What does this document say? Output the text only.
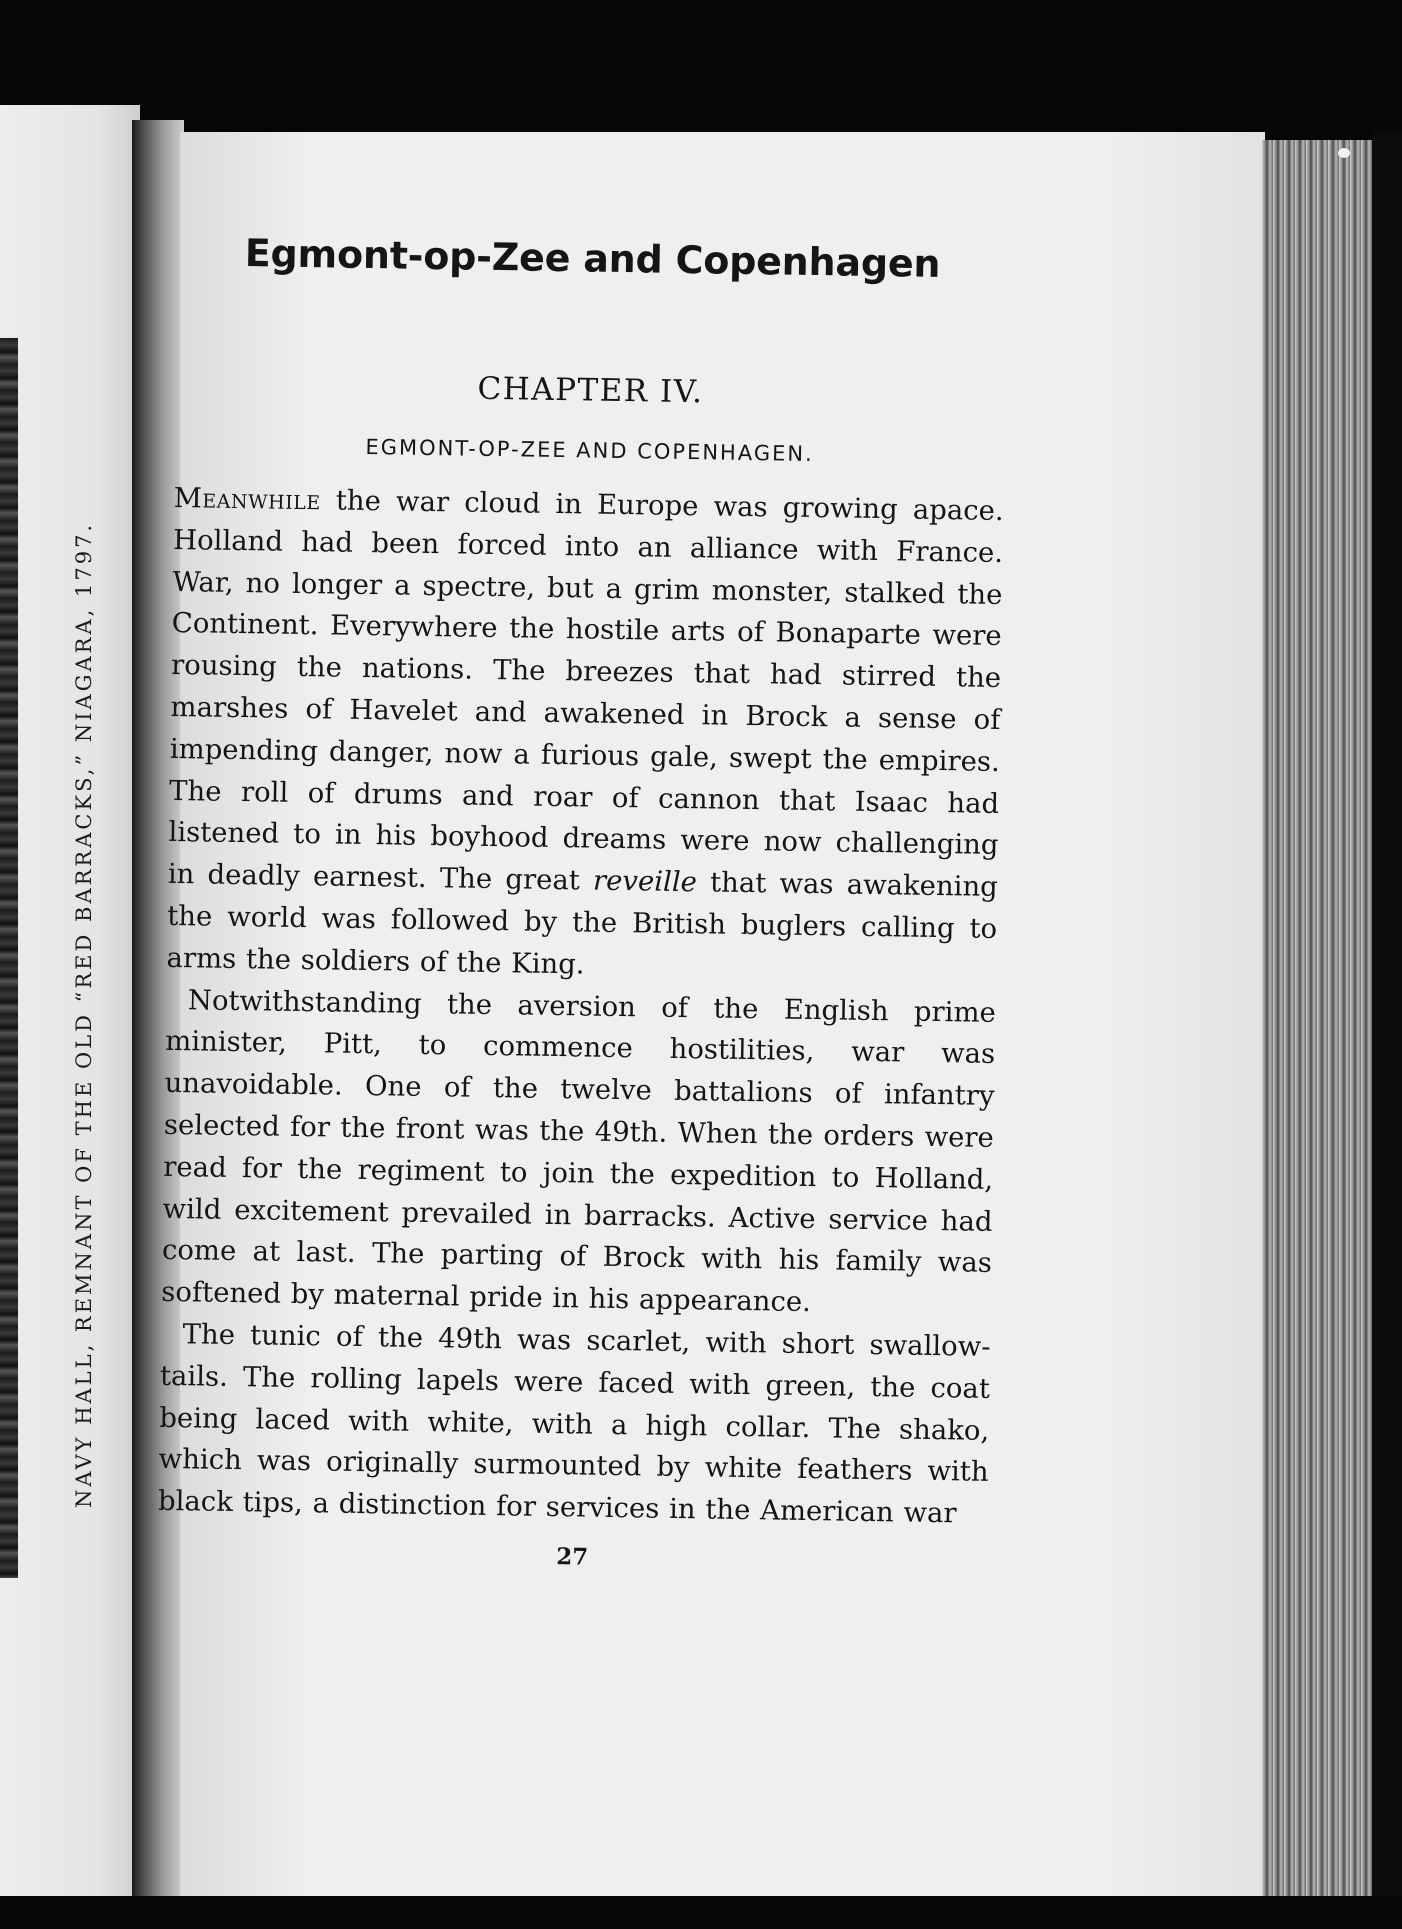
NAVY HALL, REMNANT OF THE OLD “RED BARRACKS,” NIAGARA, 1797.
Egmont-op-Zee and Copenhagen
CHAPTER IV.
EGMONT-OP-ZEE AND COPENHAGEN.

Meanwhile the war cloud in Europe was growing apace. Holland had been forced into an alliance with France. War, no longer a spectre, but a grim monster, stalked the Continent. Everywhere the hostile arts of Bonaparte were rousing the nations. The breezes that had stirred the marshes of Havelet and awakened in Brock a sense of impending danger, now a furious gale, swept the empires. The roll of drums and roar of cannon that Isaac had listened to in his boyhood dreams were now challenging in deadly earnest. The great reveille that was awakening the world was followed by the British buglers calling to arms the soldiers of the King.

Notwithstanding the aversion of the English prime minister, Pitt, to commence hostilities, war was unavoidable. One of the twelve battalions of infantry selected for the front was the 49th. When the orders were read for the regiment to join the expedition to Holland, wild excitement prevailed in barracks. Active service had come at last. The parting of Brock with his family was softened by maternal pride in his appearance.

The tunic of the 49th was scarlet, with short swallow-tails. The rolling lapels were faced with green, the coat being laced with white, with a high collar. The shako, which was originally surmounted by white feathers with black tips, a distinction for services in the American war

27
